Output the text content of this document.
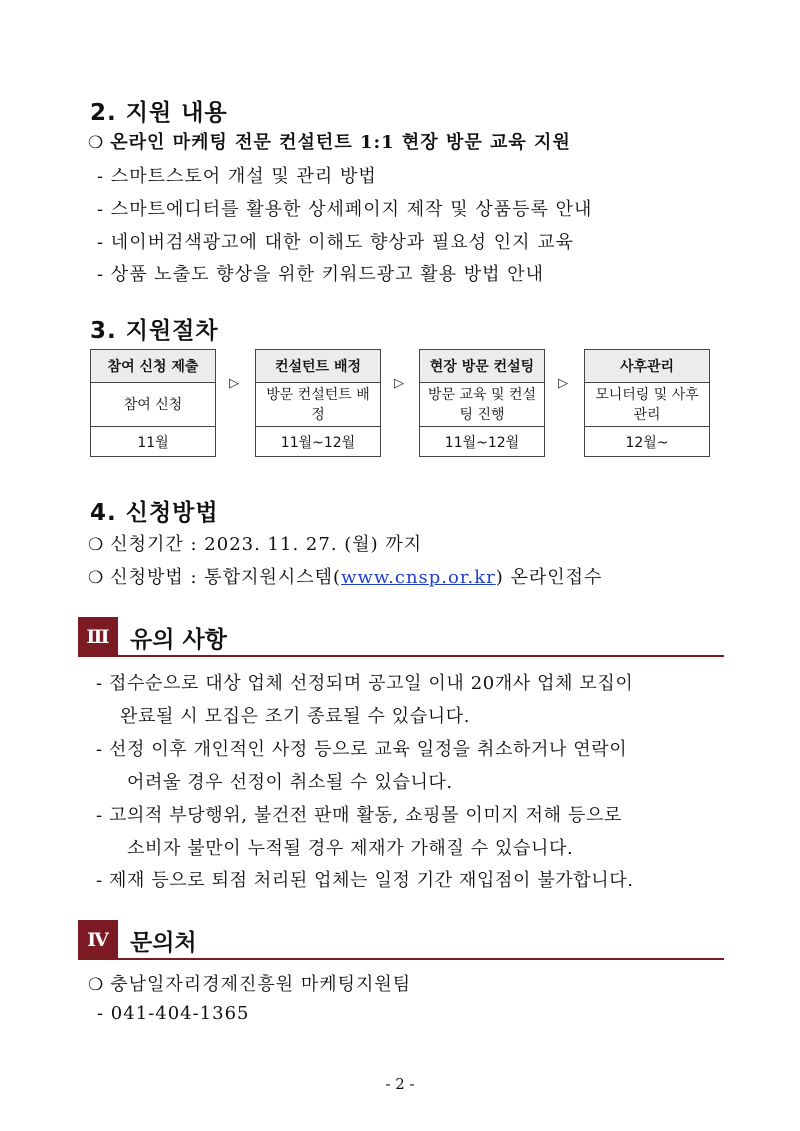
2. 지원 내용
❍ 온라인 마케팅 전문 컨설턴트 1:1 현장 방문 교육 지원
- 스마트스토어 개설 및 관리 방법
- 스마트에디터를 활용한 상세페이지 제작 및 상품등록 안내
- 네이버검색광고에 대한 이해도 향상과 필요성 인지 교육
- 상품 노출도 향상을 위한 키워드광고 활용 방법 안내
3. 지원절차
참여 신청 제출
참여 신청
11월
▷
컨설턴트 배정
방문 컨설턴트 배정
11월~12월
▷
현장 방문 컨설팅
방문 교육 및 컨설팅 진행
11월~12월
▷
사후관리
모니터링 및 사후관리
12월~
4. 신청방법
❍ 신청기간 : 2023. 11. 27. (월) 까지
❍ 신청방법 : 통합지원시스템(www.cnsp.or.kr) 온라인접수
Ⅲ 유의 사항
- 접수순으로 대상 업체 선정되며 공고일 이내 20개사 업체 모집이
완료될 시 모집은 조기 종료될 수 있습니다.
- 선정 이후 개인적인 사정 등으로 교육 일정을 취소하거나 연락이
어려울 경우 선정이 취소될 수 있습니다.
- 고의적 부당행위, 불건전 판매 활동, 쇼핑몰 이미지 저해 등으로
소비자 불만이 누적될 경우 제재가 가해질 수 있습니다.
- 제재 등으로 퇴점 처리된 업체는 일정 기간 재입점이 불가합니다.
Ⅳ 문의처
❍ 충남일자리경제진흥원 마케팅지원팀
- 041-404-1365
- 2 -
